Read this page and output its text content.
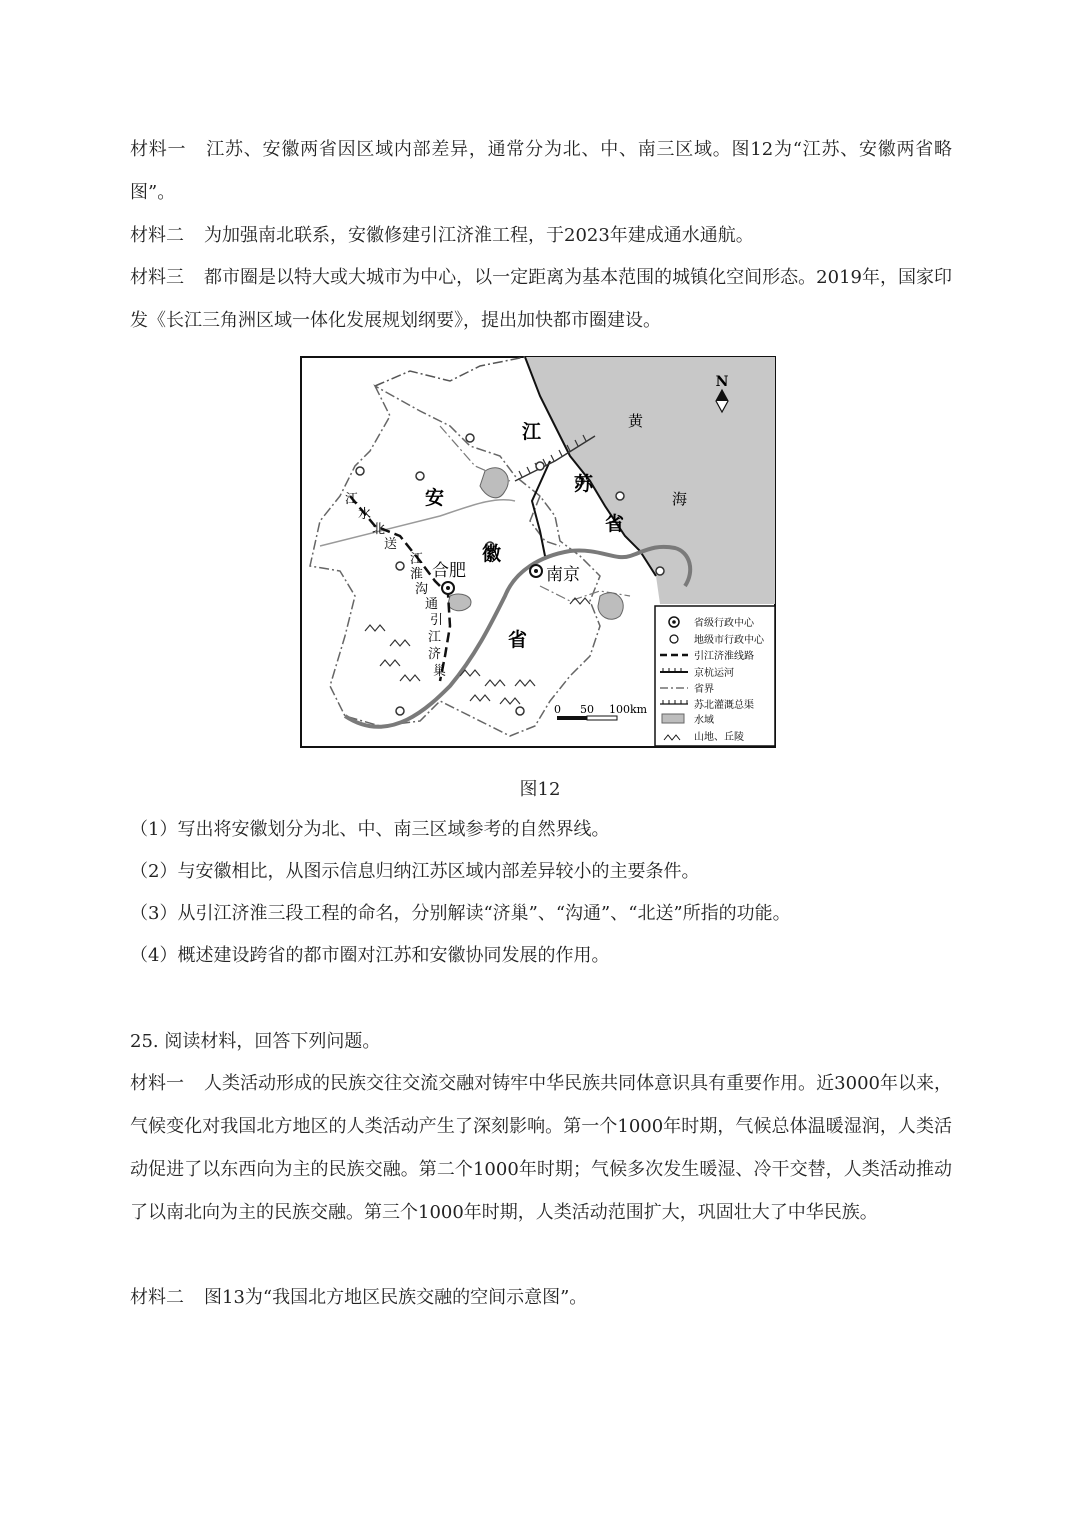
材料一 江苏、安徽两省因区域内部差异，通常分为北、中、南三区域。图12为“江苏、安徽两省略图”。

材料二 为加强南北联系，安徽修建引江济淮工程，于2023年建成通水通航。

材料三 都市圈是以特大或大城市为中心，以一定距离为基本范围的城镇化空间形态。2019年，国家印发《长江三角洲区域一体化发展规划纲要》，提出加快都市圈建设。

N
江
苏
省
安
徽
省
黄
海
合肥	南京
江
水
北
送
江
淮
沟
通
引
江
济
巢
0 50 100km
省级行政中心
地级市行政中心
引江济淮线路
京杭运河
省界
苏北灌溉总渠
水域
山地、丘陵
图12

（1）写出将安徽划分为北、中、南三区域参考的自然界线。

（2）与安徽相比，从图示信息归纳江苏区域内部差异较小的主要条件。

（3）从引江济淮三段工程的命名，分别解读“济巢”、“沟通”、“北送”所指的功能。

（4）概述建设跨省的都市圈对江苏和安徽协同发展的作用。

25. 阅读材料，回答下列问题。

材料一 人类活动形成的民族交往交流交融对铸牢中华民族共同体意识具有重要作用。近3000年以来，气候变化对我国北方地区的人类活动产生了深刻影响。第一个1000年时期，气候总体温暖湿润，人类活动促进了以东西向为主的民族交融。第二个1000年时期；气候多次发生暖湿、冷干交替，人类活动推动了以南北向为主的民族交融。第三个1000年时期，人类活动范围扩大，巩固壮大了中华民族。

材料二 图13为“我国北方地区民族交融的空间示意图”。
